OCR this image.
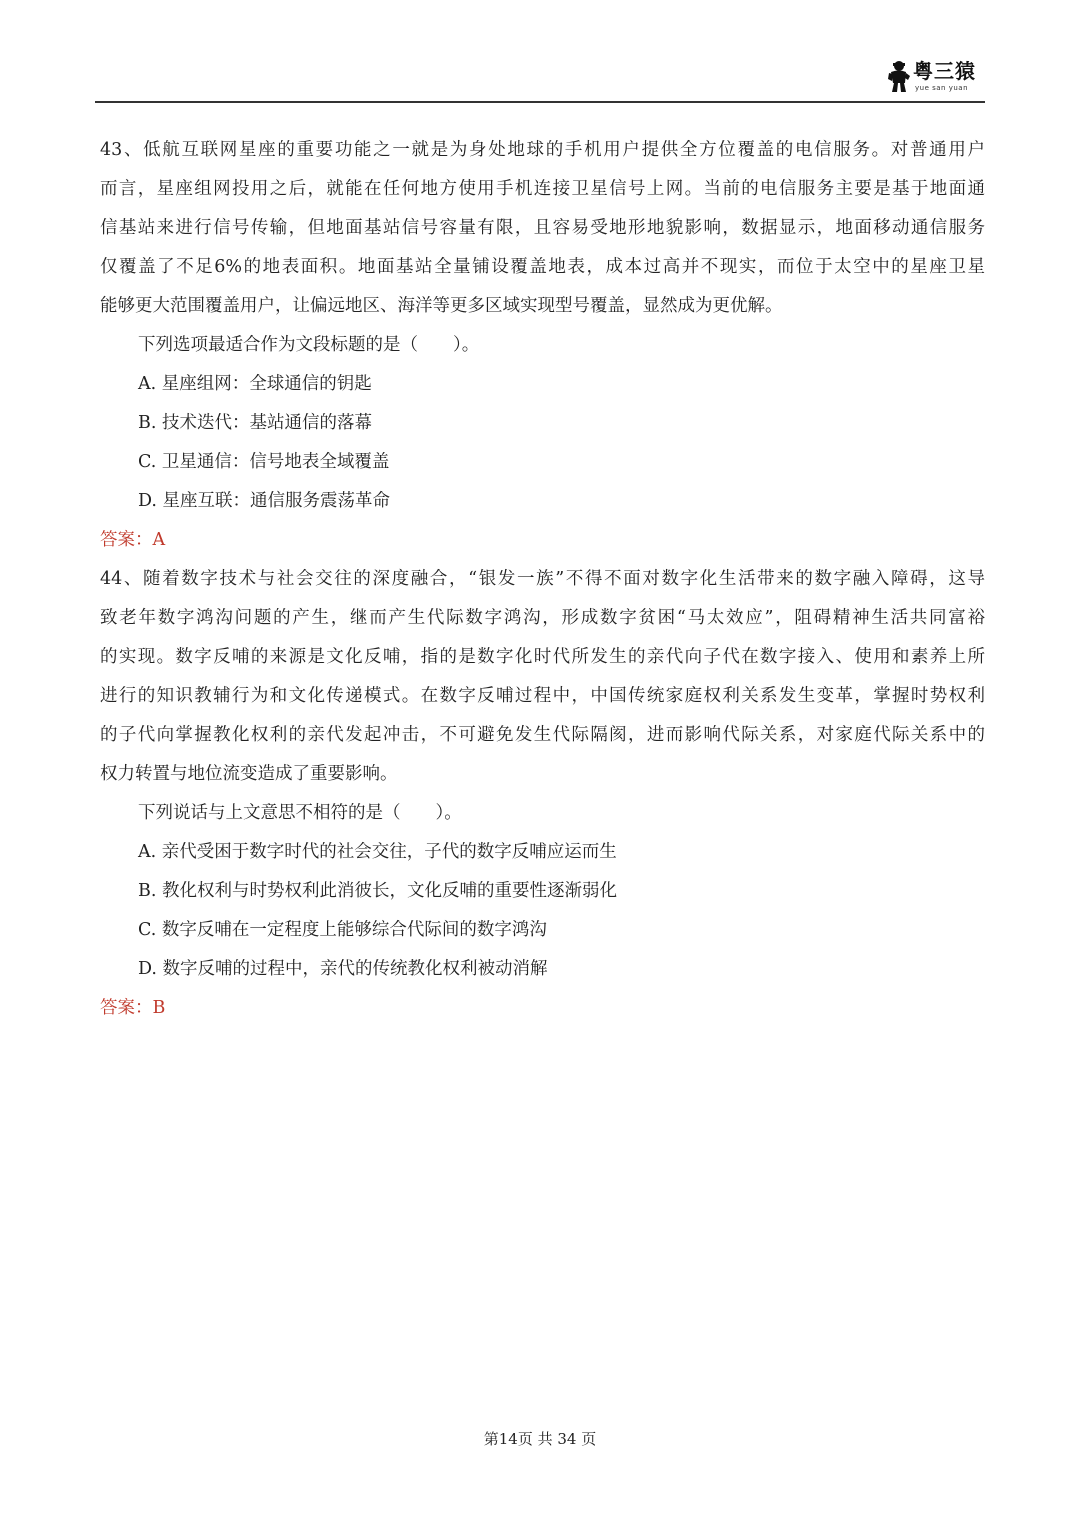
粤三猿
yue san yuan
43、低航互联网星座的重要功能之一就是为身处地球的手机用户提供全方位覆盖的电信服务。对普通用户
而言，星座组网投用之后，就能在任何地方使用手机连接卫星信号上网。当前的电信服务主要是基于地面通
信基站来进行信号传输，但地面基站信号容量有限，且容易受地形地貌影响，数据显示，地面移动通信服务
仅覆盖了不足6%的地表面积。地面基站全量铺设覆盖地表，成本过高并不现实，而位于太空中的星座卫星
能够更大范围覆盖用户，让偏远地区、海洋等更多区域实现型号覆盖，显然成为更优解。
下列选项最适合作为文段标题的是（　　）。
A. 星座组网：全球通信的钥匙
B. 技术迭代：基站通信的落幕
C. 卫星通信：信号地表全域覆盖
D. 星座互联：通信服务震荡革命
答案：A
44、随着数字技术与社会交往的深度融合，“银发一族”不得不面对数字化生活带来的数字融入障碍，这导
致老年数字鸿沟问题的产生，继而产生代际数字鸿沟，形成数字贫困“马太效应”，阻碍精神生活共同富裕
的实现。数字反哺的来源是文化反哺，指的是数字化时代所发生的亲代向子代在数字接入、使用和素养上所
进行的知识教辅行为和文化传递模式。在数字反哺过程中，中国传统家庭权利关系发生变革，掌握时势权利
的子代向掌握教化权利的亲代发起冲击，不可避免发生代际隔阂，进而影响代际关系，对家庭代际关系中的
权力转置与地位流变造成了重要影响。
下列说话与上文意思不相符的是（　　）。
A. 亲代受困于数字时代的社会交往，子代的数字反哺应运而生
B. 教化权利与时势权利此消彼长，文化反哺的重要性逐渐弱化
C. 数字反哺在一定程度上能够综合代际间的数字鸿沟
D. 数字反哺的过程中，亲代的传统教化权利被动消解
答案：B
第14页 共 34 页
